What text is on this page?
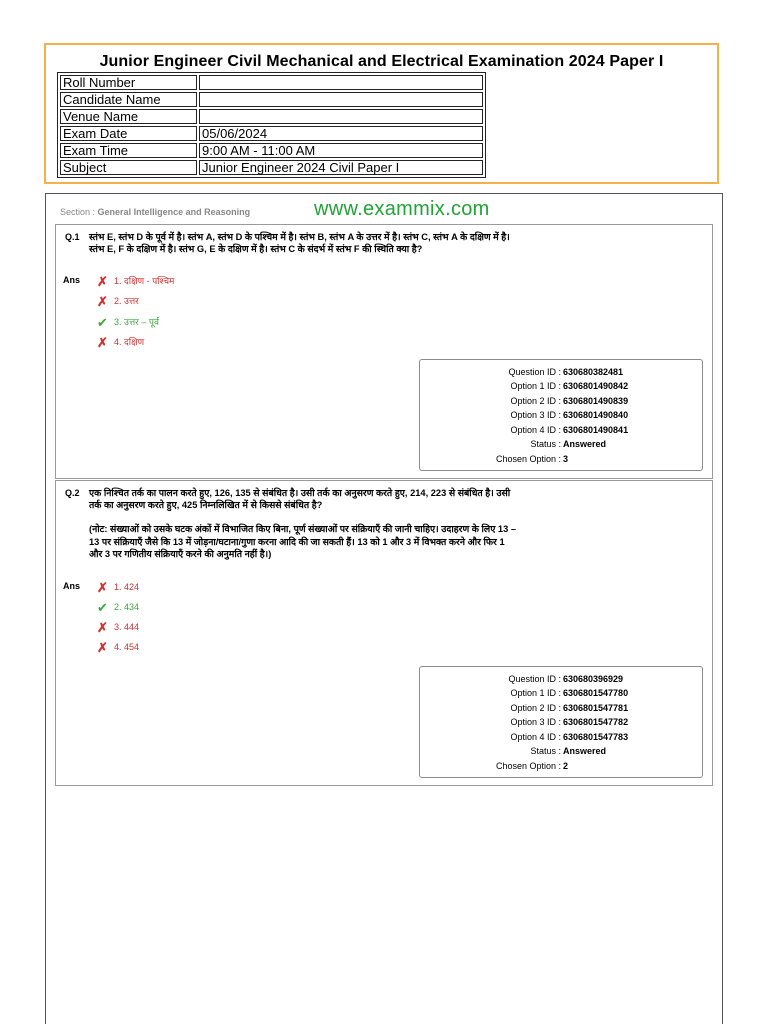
Junior Engineer Civil Mechanical and Electrical Examination 2024 Paper I
Roll Number	
Candidate Name	
Venue Name	
Exam Date	05/06/2024
Exam Time	9:00 AM - 11:00 AM
Subject	Junior Engineer 2024 Civil Paper I
Section : General Intelligence and Reasoning	www.exammix.com
Q.1 स्तंभ E, स्तंभ D के पूर्व में है। स्तंभ A, स्तंभ D के पश्चिम में है। स्तंभ B, स्तंभ A के उत्तर में है। स्तंभ C, स्तंभ A के दक्षिण में है। स्तंभ E, F के दक्षिण में है। स्तंभ G, E के दक्षिण में है। स्तंभ C के संदर्भ में स्तंभ F की स्थिति क्या है?

Ans ✗ 1. दक्षिण - पश्चिम
✗ 2. उत्तर
✔ 3. उत्तर – पूर्व
✗ 4. दक्षिण
Question ID : 630680382481
Option 1 ID : 6306801490842
Option 2 ID : 6306801490839
Option 3 ID : 6306801490840
Option 4 ID : 6306801490841
Status : Answered
Chosen Option : 3
Q.2 एक निश्चित तर्क का पालन करते हुए, 126, 135 से संबंधित है। उसी तर्क का अनुसरण करते हुए, 214, 223 से संबंधित है। उसी तर्क का अनुसरण करते हुए, 425 निम्नलिखित में से किससे संबंधित है?

(नोट: संख्याओं को उसके घटक अंकों में विभाजित किए बिना, पूर्ण संख्याओं पर संक्रियाएँ की जानी चाहिए। उदाहरण के लिए 13 – 13 पर संक्रियाएँ जैसे कि 13 में जोड़ना/घटाना/गुणा करना आदि की जा सकती हैं। 13 को 1 और 3 में विभक्त करने और फिर 1 और 3 पर गणितीय संक्रियाएँ करने की अनुमति नहीं है।)

Ans ✗ 1. 424
✔ 2. 434
✗ 3. 444
✗ 4. 454
Question ID : 630680396929
Option 1 ID : 6306801547780
Option 2 ID : 6306801547781
Option 3 ID : 6306801547782
Option 4 ID : 6306801547783
Status : Answered
Chosen Option : 2
